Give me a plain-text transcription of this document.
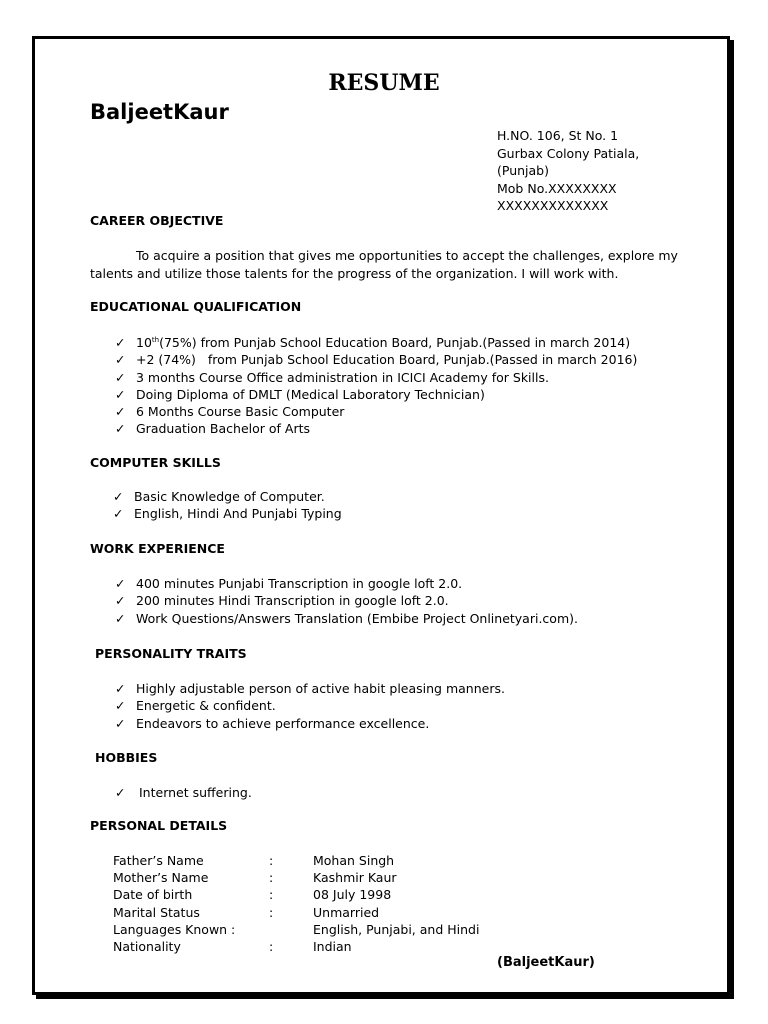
RESUME
BaljeetKaur
H.NO. 106, St No. 1
Gurbax Colony Patiala,
(Punjab)
Mob No.XXXXXXXX
XXXXXXXXXXXXX
CAREER OBJECTIVE
To acquire a position that gives me opportunities to accept the challenges, explore my talents and utilize those talents for the progress of the organization. I will work with.
EDUCATIONAL QUALIFICATION
✓ 10th(75%) from Punjab School Education Board, Punjab.(Passed in march 2014)
✓ +2 (74%)   from Punjab School Education Board, Punjab.(Passed in march 2016)
✓ 3 months Course Office administration in ICICI Academy for Skills.
✓ Doing Diploma of DMLT (Medical Laboratory Technician)
✓ 6 Months Course Basic Computer
✓ Graduation Bachelor of Arts
COMPUTER SKILLS
✓ Basic Knowledge of Computer.
✓ English, Hindi And Punjabi Typing
WORK EXPERIENCE
✓ 400 minutes Punjabi Transcription in google loft 2.0.
✓ 200 minutes Hindi Transcription in google loft 2.0.
✓ Work Questions/Answers Translation (Embibe Project Onlinetyari.com).
PERSONALITY TRAITS
✓ Highly adjustable person of active habit pleasing manners.
✓ Energetic & confident.
✓ Endeavors to achieve performance excellence.
HOBBIES
✓ Internet suffering.
PERSONAL DETAILS
Father’s Name	:	Mohan Singh
Mother’s Name	:	Kashmir Kaur
Date of birth	:	08 July 1998
Marital Status	:	Unmarried
Languages Known :		English, Punjabi, and Hindi
Nationality	:	Indian
(BaljeetKaur)
